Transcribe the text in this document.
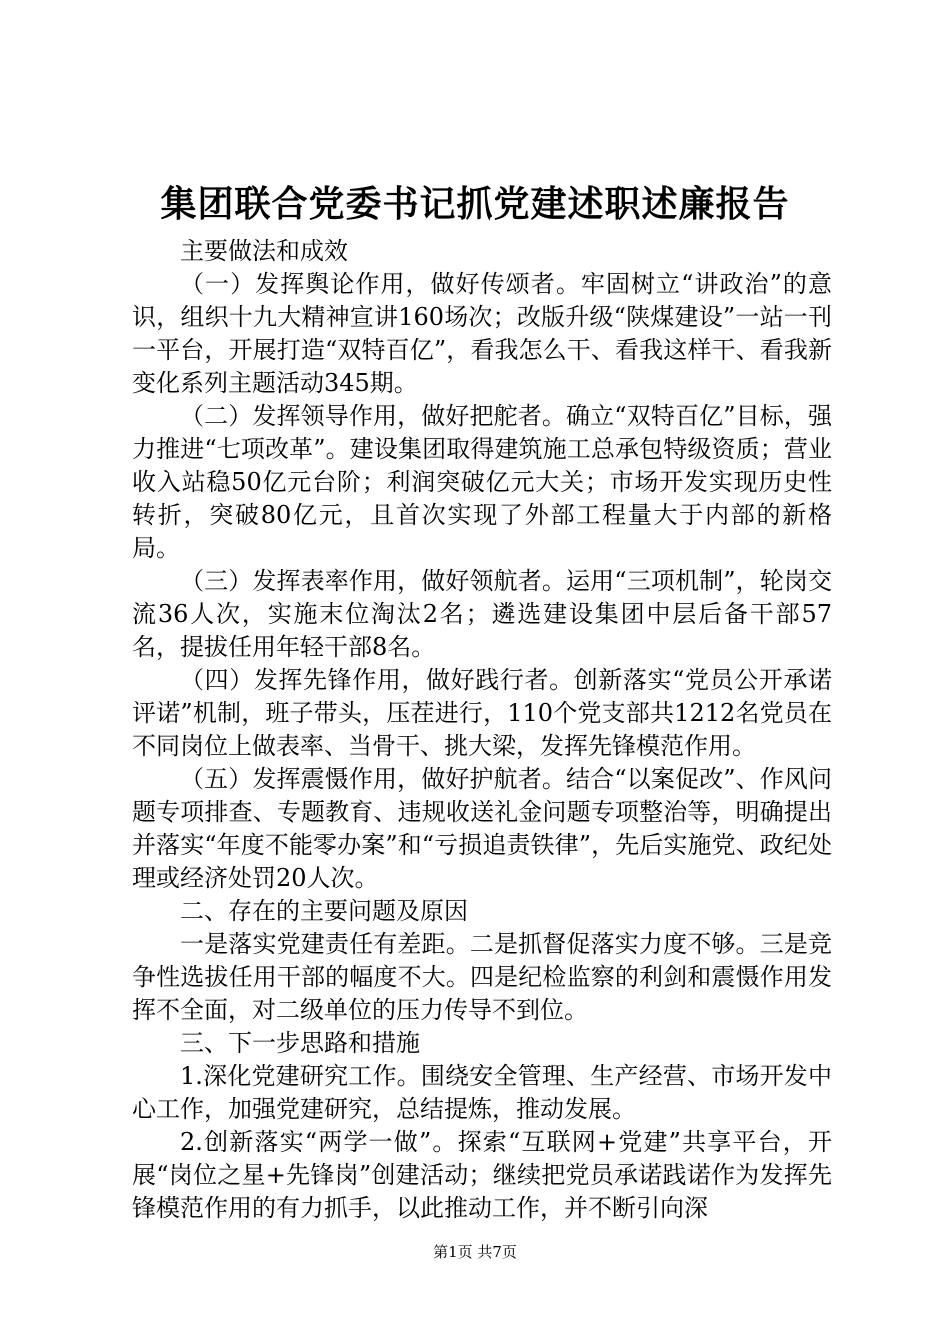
集团联合党委书记抓党建述职述廉报告

主要做法和成效

（一）发挥舆论作用，做好传颂者。牢固树立“讲政治”的意识，组织十九大精神宣讲160场次；改版升级“陕煤建设”一站一刊一平台，开展打造“双特百亿”，看我怎么干、看我这样干、看我新变化系列主题活动345期。

（二）发挥领导作用，做好把舵者。确立“双特百亿”目标，强力推进“七项改革”。建设集团取得建筑施工总承包特级资质；营业收入站稳50亿元台阶；利润突破亿元大关；市场开发实现历史性转折，突破80亿元，且首次实现了外部工程量大于内部的新格局。

（三）发挥表率作用，做好领航者。运用“三项机制”，轮岗交流36人次，实施末位淘汰2名；遴选建设集团中层后备干部57名，提拔任用年轻干部8名。

（四）发挥先锋作用，做好践行者。创新落实“党员公开承诺评诺”机制，班子带头，压茬进行，110个党支部共1212名党员在不同岗位上做表率、当骨干、挑大梁，发挥先锋模范作用。

（五）发挥震慑作用，做好护航者。结合“以案促改”、作风问题专项排查、专题教育、违规收送礼金问题专项整治等，明确提出并落实“年度不能零办案”和“亏损追责铁律”，先后实施党、政纪处理或经济处罚20人次。

二、存在的主要问题及原因

一是落实党建责任有差距。二是抓督促落实力度不够。三是竞争性选拔任用干部的幅度不大。四是纪检监察的利剑和震慑作用发挥不全面，对二级单位的压力传导不到位。

三、下一步思路和措施

1.深化党建研究工作。围绕安全管理、生产经营、市场开发中心工作，加强党建研究，总结提炼，推动发展。

2.创新落实“两学一做”。探索“互联网+党建”共享平台，开展“岗位之星+先锋岗”创建活动；继续把党员承诺践诺作为发挥先锋模范作用的有力抓手，以此推动工作，并不断引向深

第1页 共7页
